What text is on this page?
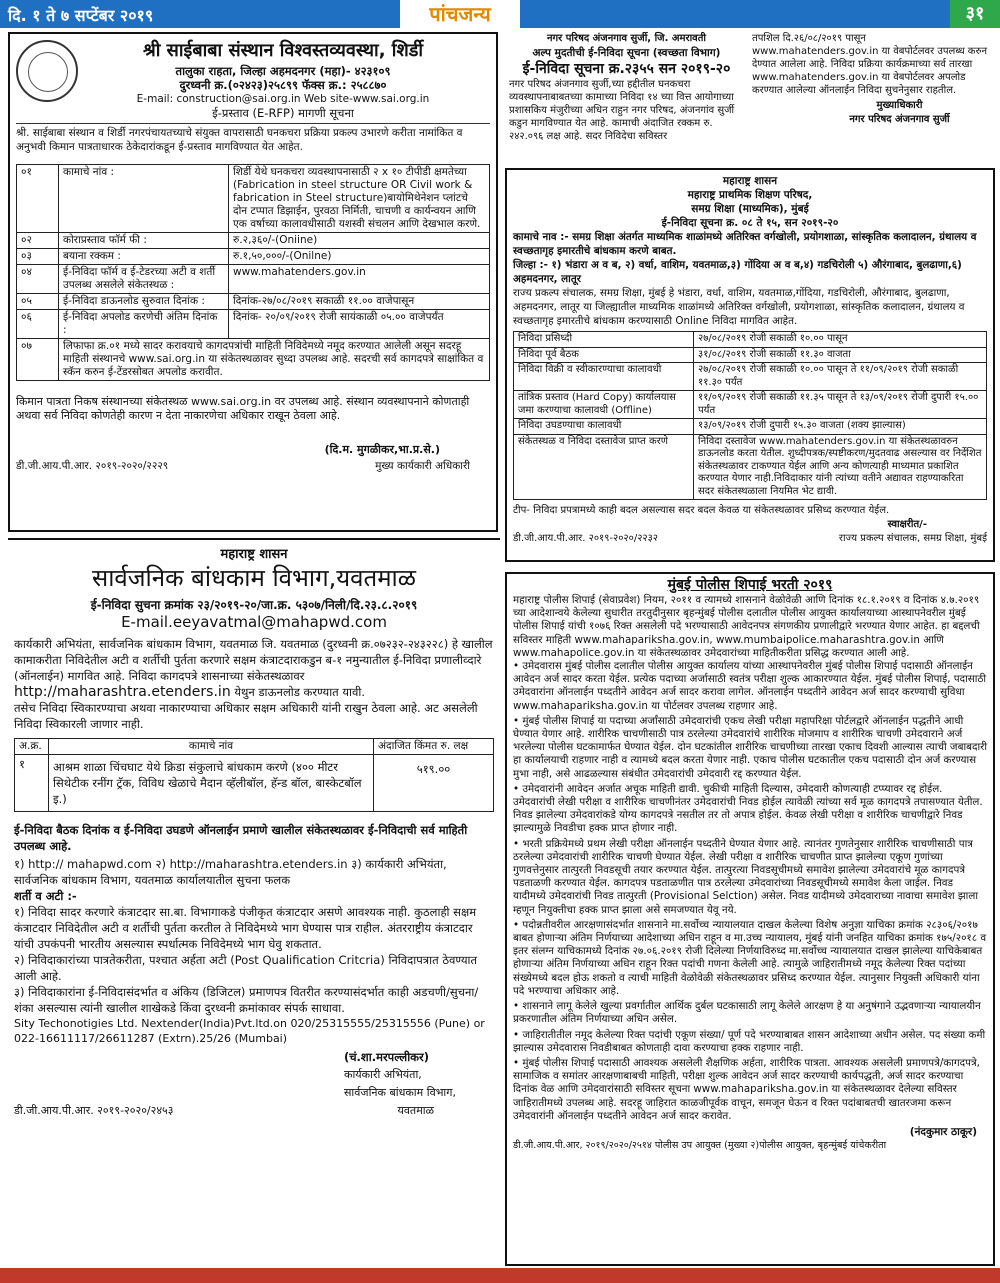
दि. १ ते ७ सप्टेंबर २०१९	पांचजन्य	३१
श्री साईबाबा संस्थान विश्वस्तव्यवस्था, शिर्डी
तालुका राहता, जिल्हा अहमदनगर (महा)- ४२३१०९
दुरध्वनी क्र.(०२४२३)२५८९९ फॅक्स क्र.: २५८८७०
E-mail: construction@sai.org.in Web site-www.sai.org.in
ई-प्रस्ताव (E-RFP) मागणी सूचना
श्री. साईबाबा संस्थान व शिर्डी नगरपंचायतच्याचे संयुक्त वापरासाठी घनकचरा प्रक्रिया प्रकल्प उभारणे करीता नामांकित व अनुभवी किमान पात्रताधारक ठेकेदारांकडून ई-प्रस्ताव मागविण्यात येत आहेत.
०१	कामाचे नांव :	शिर्डी येथे घनकचरा व्यवस्थापनासाठी २ x १० टीपीडी क्षमतेच्या (Fabrication in steel structure OR Civil work & fabrication in Steel structure)बायोमिथेनेशन प्लांटचे दोन टप्पात डिझाईन, पुरवठा निर्मिती, चाचणी व कार्यन्वयन आणि एक वर्षाच्या कालावधीसाठी यशस्वी संचलन आणि देखभाल करणे.
०२	कोराप्रस्ताव फॉर्म फी :	रु.२,३६०/-(Oniine)
०३	बयाना रक्कम :	रु.१,५०,०००/-(Onilne)
०४	ई-निविदा फॉर्म व ई-टेडरच्या अटी व शर्ती उपलब्ध असलेले संकेतस्थळ :	www.mahatenders.gov.in
०५	ई-निविदा डाऊनलोड सुरुवात दिनांक :	दिनांक-२७/०८/२०१९ सकाळी ११.०० वाजेपासून
०६	ई-निविदा अपलोड करणेची अंतिम दिनांक :	दिनांक- २०/०९/२०१९ रोजी सायंकाळी ०५.०० वाजेपर्यंत
०७	लिफाफा क्र.०१ मध्ये सादर करावयाचे कागदपत्रांची माहिती निविदेमध्ये नमूद करण्यात आलेली असून सदरहू माहिती संस्थानचे www.sai.org.in या संकेतस्थळावर सुध्दा उपलब्ध आहे. सदरची सर्व कागदपत्रे साक्षांकित व स्कॅन करुन ई-टेंडरसोबत अपलोड करावीत.	
किमान पात्रता निकष संस्थानच्या संकेतस्थळ www.sai.org.in वर उपलब्ध आहे. संस्थान व्यवस्थापनाने कोणताही अथवा सर्व निविदा कोणतेही कारण न देता नाकारणेचा अधिकार राखून ठेवला आहे.
(दि.म. मुगळीकर,भा.प्र.से.)
डी.जी.आय.पी.आर. २०१९-२०२०/२२२९	मुख्य कार्यकारी अधिकारी
नगर परिषद अंजनगाव सुर्जी, जि. अमरावती
अल्प मुदतीची ई-निविदा सूचना (स्वच्छता विभाग)
ई-निविदा सूचना क्र.२३५५ सन २०१९-२०
नगर परिषद अंजनगाव सुर्जी,च्या हद्दीतील घनकचरा व्यवस्थापनाबाबतच्या कामाच्या निविदा १४ च्या वित्त आयोगाच्या प्रशासकिय मंजुरीच्या अधिन राहुन नगर परिषद, अंजनगांव सुर्जी कडुन मागविण्यात येत आहे. कामाची अंदाजित रक्कम रु. २४२.०९६ लक्ष आहे. सदर निविदेचा सविस्तर
तपशिल दि.२६/०८/२०१९ पासून www.mahatenders.gov.in या वेबपोर्टलवर उपलब्ध करुन देण्यात आलेला आहे. निविदा प्रक्रिया कार्यक्रमाच्या सर्व तारखा www.mahatenders.gov.in या वेबपोर्टलवर अपलोड करण्यात आलेल्या ऑनलाईन निविदा सुचनेनुसार राहतील.
मुख्याधिकारी
नगर परिषद अंजनगाव सुर्जी
महाराष्ट्र शासन
महाराष्ट्र प्राथमिक शिक्षण परिषद,
समग्र शिक्षा (माध्यमिक), मुंबई
ई-निविदा सूचना क्र. ०८ ते १५, सन २०१९-२०
कामाचे नाव :- समग्र शिक्षा अंतर्गत माध्यमिक शाळांमध्ये अतिरिक्त वर्गखोली, प्रयोगशाळा, सांस्कृतिक कलादालन, ग्रंथालय व स्वच्छतागृह इमारतीचे बांधकाम करणे बाबत.
जिल्हा :- १) भंडारा अ व ब, २) वर्धा, वाशिम, यवतमाळ,३) गोंदिया अ व ब,४) गडचिरोली ५) औरंगाबाद, बुलढाणा,६) अहमदनगर, लातूर
राज्य प्रकल्प संचालक, समग्र शिक्षा, मुंबई हे भंडारा, वर्धा, वाशिम, यवतमाळ,गोंदिया, गडचिरोली, औरंगाबाद, बुलढाणा, अहमदनगर, लातूर या जिल्ह्यातील माध्यमिक शाळांमध्ये अतिरिक्त वर्गखोली, प्रयोगशाळा, सांस्कृतिक कलादालन, ग्रंथालय व स्वच्छतागृह इमारतीचे बांधकाम करण्यासाठी Online निविदा मागवित आहेत.
निविदा प्रसिध्दी	२७/०८/२०१९ रोजी सकाळी १०.०० पासून
निविदा पूर्व बैठक	३१/०८/२०१९ रोजी सकाळी ११.३० वाजता
निविदा विक्री व स्वीकारण्याचा कालावधी	२७/०८/२०१९ रोजी सकाळी १०.०० पासून ते ११/०९/२०१९ रोजी सकाळी ११.३० पर्यंत
तांत्रिक प्रस्ताव (Hard Copy) कार्यालयास जमा करण्याचा कालावधी (Offline)	११/०९/२०१९ रोजी सकाळी ११.३५ पासून ते १३/०९/२०१९ रोजी दुपारी १५.०० पर्यंत
निविदा उघडण्याचा कालावधी	१३/०९/२०१९ रोजी दुपारी १५.३० वाजता (शक्य झाल्यास)
संकेतस्थळ व निविदा दस्तावेज प्राप्त करणे	निविदा दस्तावेज www.mahatenders.gov.in या संकेतस्थळावरुन डाऊनलोड करता येतील. शुध्दीपत्रक/स्पष्टीकरण/मुदतवाढ असल्यास वर निर्देशित संकेतस्थळावर टाकण्यात येईल आणि अन्य कोणत्याही माध्यमात प्रकाशित करण्यात येणार नाही.निविदाकार यांनी त्यांच्या वतीने अद्यावत राहण्याकरिता सदर संकेतस्थळाला नियमित भेट द्यावी.
टीप- निविदा प्रपत्रामध्ये काही बदल असल्यास सदर बदल केवळ या संकेतस्थळावर प्रसिध्द करण्यात येईल.
स्वाक्षरीत/-
डी.जी.आय.पी.आर. २०१९-२०२०/२२३२	राज्य प्रकल्प संचालक, समग्र शिक्षा, मुंबई
महाराष्ट्र शासन
सार्वजनिक बांधकाम विभाग,यवतमाळ
ई-निविदा सुचना क्रमांक २३/२०१९-२०/जा.क्र. ५३०७/निली/दि.२३.८.२०१९
E-mail.eeyavatmal@mahapwd.com
कार्यकारी अभियंता, सार्वजनिक बांधकाम विभाग, यवतमाळ जि. यवतमाळ (दुरध्वनी क्र.०७२३२-२४३२२८) हे खालील कामाकरीता निविदेतील अटी व शर्तीची पुर्तता करणारे सक्षम कंत्राटदाराकडुन ब-१ नमुन्यातील ई-निविदा प्रणालीव्दारे (ऑनलाईन) मागवित आहे. निविदा कागदपत्रे शासनाच्या संकेतस्थळावर http://maharashtra.etenders.in येथुन डाऊनलोड करण्यात यावी.
तसेच निविदा स्विकारण्याचा अथवा नाकारण्याचा अधिकार सक्षम अधिकारी यांनी राखुन ठेवला आहे. अट असलेली निविदा स्विकारली जाणार नाही.
अ.क्र.	कामाचे नांव	अंदाजित किंमत रु. लक्ष
१	आश्रम शाळा चिंचघाट येथे क्रिडा संकुलाचे बांधकाम करणे (४०० मीटर सिथेटीक रनींग ट्रॅक, विविध खेळाचे मैदान व्हॅलीबॉल, हॅन्ड बॉल, बास्केटबॉल इ.)	५१९.००
ई-निविदा बैठक दिनांक व ई-निविदा उघडणे ऑनलाईन प्रमाणे खालील संकेतस्थळावर ई-निविदाची सर्व माहिती उपलब्ध आहे.
१) http:// mahapwd.com २) http://maharashtra.etenders.in ३) कार्यकारी अभियंता, सार्वजनिक बांधकाम विभाग, यवतमाळ कार्यालयातील सुचना फलक
शर्ती व अटी :-
१) निविदा सादर करणारे कंत्राटदार सा.बा. विभागाकडे पंजीकृत कंत्राटदार असणे आवश्यक नाही. कुठलाही सक्षम कंत्राटदार निविदेतील अटी व शर्तीची पुर्तता करतील ते निविदेमध्ये भाग घेण्यास पात्र राहील. अंतरराष्ट्रीय कंत्राटदार यांची उपकंपनी भारतीय असल्यास स्पर्धात्मक निविदेमध्ये भाग घेवु शकतात.
२) निविदाकारांच्या पात्रतेकरीता, पश्चात अर्हता अटी (Post Qualification Critcria) निविदापत्रात ठेवण्यात आली आहे.
३) निविदाकारांना ई-निविदासंदर्भात व अंकिय (डिजिटल) प्रमाणपत्र वितरीत करण्यासंदर्भात काही अडचणी/सुचना/शंका असल्यास त्यांनी खालील शाखेकडे किंवा दुरध्वनी क्रमांकावर संपर्क साधावा.
Sity Techonotigies Ltd. Nextender(India)Pvt.ltd.on 020/25315555/25315556 (Pune) or 022-16611117/26611287 (Extrn).25/26 (Mumbai)
(चं.शा.मरपल्लीकर)
कार्यकारी अभियंता,
सार्वजनिक बांधकाम विभाग,
डी.जी.आय.पी.आर. २०१९-२०२०/२४५३	यवतमाळ
मुंबई पोलीस शिपाई भरती २०१९
महाराष्ट्र पोलीस शिपाई (सेवाप्रवेश) नियम, २०११ व त्यामध्ये शासनाने वेळोवेळी आणि दिनांक १८.१.२०१९ व दिनांक ४.७.२०१९ च्या आदेशान्वये केलेल्या सुधारीत तरतुदीनुसार बृहन्मुंबई पोलीस दलातील पोलीस आयुक्त कार्यालयाच्या आस्थापनेवरील मुंबई पोलीस शिपाई यांची १०७६ रिक्त असलेली पदे भरण्यासाठी आवेदनपत्र संगणकीय प्रणालीद्वारे भरण्यात येणार आहेत. हा बद्दलची सविस्तर माहिती www.mahapariksha.gov.in, www.mumbaipolice.maharashtra.gov.in आणि www.mahapolice.gov.in या संकेतस्थळावर उमेदवारांच्या माहितीकरीता प्रसिद्ध करण्यात आली आहे.
• उमेदवारास मुंबई पोलीस दलातील पोलीस आयुक्त कार्यालय यांच्या आस्थापनेवरील मुंबई पोलीस शिपाई पदासाठी ऑनलाईन आवेदन अर्ज सादर करता येईल. प्रत्येक पदाच्या अर्जासाठी स्वतंत्र परीक्षा शुल्क आकारण्यात येईल. मुंबई पोलीस शिपाई, पदासाठी उमेदवारांना ऑनलाईन पध्दतीने आवेदन अर्ज सादर करावा लागेल. ऑनलाईन पध्दतीने आवेदन अर्ज सादर करण्याची सुविधा www.mahapariksha.gov.in या पोर्टलवर उपलब्ध राहणार आहे.
• मुंबई पोलीस शिपाई या पदाच्या अर्जांसाठी उमेदवारांची एकच लेखी परीक्षा महापरिक्षा पोर्टलद्वारे ऑनलाईन पद्धतीने आधी घेण्यात येणार आहे. शारीरिक चाचणीसाठी पात्र ठरलेल्या उमेदवारांचे शारीरिक मोजमाप व शारीरिक चाचणी उमेदवाराने अर्ज भरलेल्या पोलीस घटकामार्फत घेण्यात येईल. दोन घटकांतील शारीरिक चाचणीच्या तारखा एकाच दिवशी आल्यास त्याची जबाबदारी हा कार्यालयाची राहणार नाही व त्यामध्ये बदल करता येणार नाही. एकाच पोलीस घटकातील एकच पदासाठी दोन अर्ज करण्यास मुभा नाही, असे आढळल्यास संबंधीत उमेदवारांची उमेदवारी रद्द करण्यात येईल.
• उमेदवारांनी आवेदन अर्जात अचूक माहिती द्यावी. चुकीची माहिती दिल्यास, उमेदवारी कोणत्याही टप्प्यावर रद्द होईल. उमेदवारांची लेखी परीक्षा व शारीरिक चाचणीनंतर उमेदवारांची निवड होईल त्यावेळी त्यांच्या सर्व मूळ कागदपत्रे तपासण्यात येतील. निवड झालेल्या उमेदवारांकडे योग्य कागदपत्रे नसतील तर तो अपात्र होईल. केवळ लेखी परीक्षा व शारीरिक चाचणीद्वारे निवड झाल्यामुळे निवडीचा हक्क प्राप्त होणार नाही.
• भरती प्रक्रियेमध्ये प्रथम लेखी परीक्षा ऑनलाईन पध्दतीने घेण्यात येणार आहे. त्यानंतर गुणतेनुसार शारीरिक चाचणीसाठी पात्र ठरलेल्या उमेदवारांची शारीरिक चाचणी घेण्यात येईल. लेखी परीक्षा व शारीरिक चाचणीत प्राप्त झालेल्या एकूण गुणांच्या गुणवत्तेनुसार तात्पुरती निवडसूची तयार करण्यात येईल. तात्पुरत्या निवडसूचीमध्ये समावेश झालेल्या उमेदवारांचे मूळ कागदपत्रे पडताळणी करण्यात येईल. कागदपत्र पडताळणीत पात्र ठरलेल्या उमेदवारांच्या निवडसूचीमध्ये समावेश केला जाईल. निवड यादीमध्ये उमेदवारांची निवड तात्पुरती (Provisional Selction) असेल. निवड यादीमध्ये उमेदवाराच्या नावाचा समावेश झाला म्हणून नियुक्तीचा हक्क प्राप्त झाला असे समजण्यात येवू नये.
• पदोन्नतीवरील आरक्षणासंदर्भात शासनाने मा.सर्वोच्च न्यायालयात दाखल केलेल्या विशेष अनुज्ञा याचिका क्रमांक २८३०६/२०१७ बाबत होणाऱ्या अंतिम निर्णयाच्या आदेशाच्या अधिन राहून व मा.उच्च न्यायालय, मुंबई यांनी जनहित याचिका क्रमांक १७५/२०१८ व इतर संलग्न याचिकामध्ये दिनांक २७.०६.२०१९ रोजी दिलेल्या निर्णयाविरुध्द मा.सर्वोच्च न्यायालयात दाखल झालेल्या याचिकेबाबत होणाऱ्या अंतिम निर्णयाच्या अधिन राहून रिक्त पदांची गणना केलेली आहे. त्यामुळे जाहिरातीमध्ये नमूद केलेल्या रिक्त पदांच्या संख्येमध्ये बदल होऊ शकतो व त्याची माहिती वेळोवेळी संकेतस्थळावर प्रसिध्द करण्यात येईल. त्यानुसार नियुक्ती अधिकारी यांना पदे भरण्याचा अधिकार आहे.
• शासनाने लागू केलेले खुल्या प्रवर्गातील आर्थिक दुर्बल घटकासाठी लागू केलेले आरक्षण हे या अनुषंगाने उद्भवणाऱ्या न्यायालयीन प्रकरणातील अंतिम निर्णयाच्या अधिन असेल.
• जाहिरातीतील नमूद केलेल्या रिक्त पदांची एकूण संख्या/ पूर्ण पदे भरण्याबाबत शासन आदेशाच्या अधीन असेल. पद संख्या कमी झाल्यास उमेदवारास निवडीबाबत कोणताही दावा करण्याचा हक्क राहणार नाही.
• मुंबई पोलीस शिपाई पदासाठी आवश्यक असलेली शैक्षणिक अर्हता, शारीरिक पात्रता. आवश्यक असलेली प्रमाणपत्रे/कागदपत्रे, सामाजिक व समांतर आरक्षणाबाबची माहिती, परीक्षा शुल्क आवेदन अर्ज सादर करण्याची कार्यपद्धती, अर्ज सादर करण्याचा दिनांक वेळ आणि उमेदवारांसाठी सविस्तर सूचना www.mahapariksha.gov.in या संकेतस्थळावर देलेल्या सविस्तर जाहिरातीमध्ये उपलब्ध आहे. सदरहू जाहिरात काळजीपूर्वक वाचून, समजून घेऊन व रिक्त पदांबाबतची खातरजमा करून उमेदवारांनी ऑनलाईन पध्दतीने आवेदन अर्ज सादर करावेत.
(नंदकुमार ठाकूर)
डी.जी.आय.पी.आर, २०१९/२०२०/२५१४ पोलीस उप आयुक्त (मुख्या २)पोलीस आयुक्त, बृहन्मुंबई यांचेकरीता
